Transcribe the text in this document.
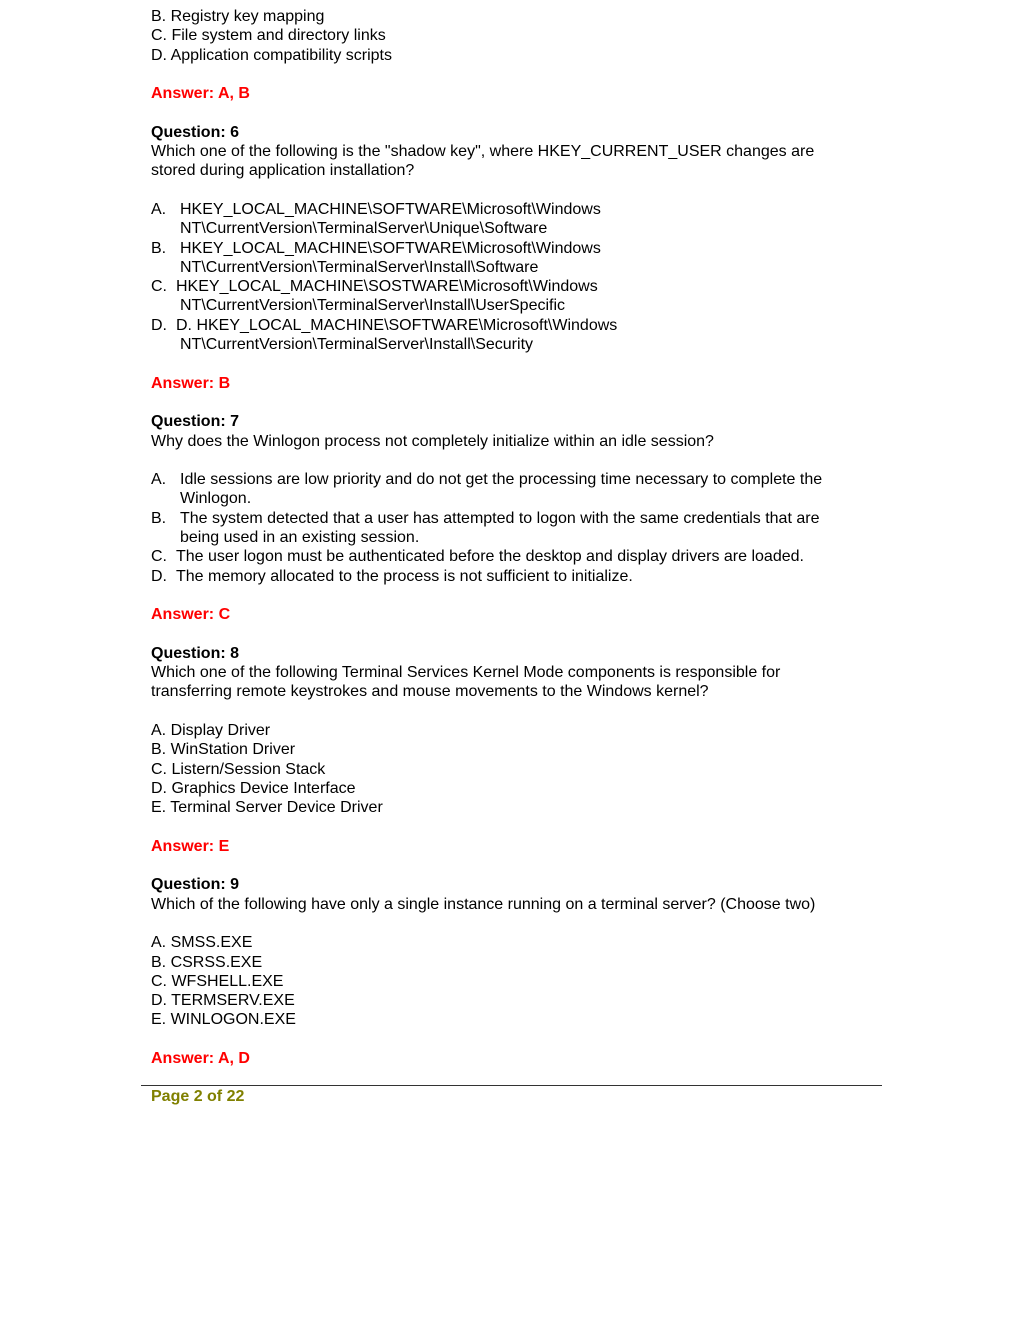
B. Registry key mapping
C. File system and directory links
D. Application compatibility scripts
Answer: A, B
Question: 6
Which one of the following is the "shadow key", where HKEY_CURRENT_USER changes are
stored during application installation?
A. HKEY_LOCAL_MACHINE\SOFTWARE\Microsoft\Windows
NT\CurrentVersion\TerminalServer\Unique\Software
B. HKEY_LOCAL_MACHINE\SOFTWARE\Microsoft\Windows
NT\CurrentVersion\TerminalServer\Install\Software
C. HKEY_LOCAL_MACHINE\SOSTWARE\Microsoft\Windows
NT\CurrentVersion\TerminalServer\Install\UserSpecific
D. D. HKEY_LOCAL_MACHINE\SOFTWARE\Microsoft\Windows
NT\CurrentVersion\TerminalServer\Install\Security
Answer: B
Question: 7
Why does the Winlogon process not completely initialize within an idle session?
A. Idle sessions are low priority and do not get the processing time necessary to complete the
Winlogon.
B. The system detected that a user has attempted to logon with the same credentials that are
being used in an existing session.
C. The user logon must be authenticated before the desktop and display drivers are loaded.
D. The memory allocated to the process is not sufficient to initialize.
Answer: C
Question: 8
Which one of the following Terminal Services Kernel Mode components is responsible for
transferring remote keystrokes and mouse movements to the Windows kernel?
A. Display Driver
B. WinStation Driver
C. Listern/Session Stack
D. Graphics Device Interface
E. Terminal Server Device Driver
Answer: E
Question: 9
Which of the following have only a single instance running on a terminal server? (Choose two)
A. SMSS.EXE
B. CSRSS.EXE
C. WFSHELL.EXE
D. TERMSERV.EXE
E. WINLOGON.EXE
Answer: A, D
Page 2 of 22
